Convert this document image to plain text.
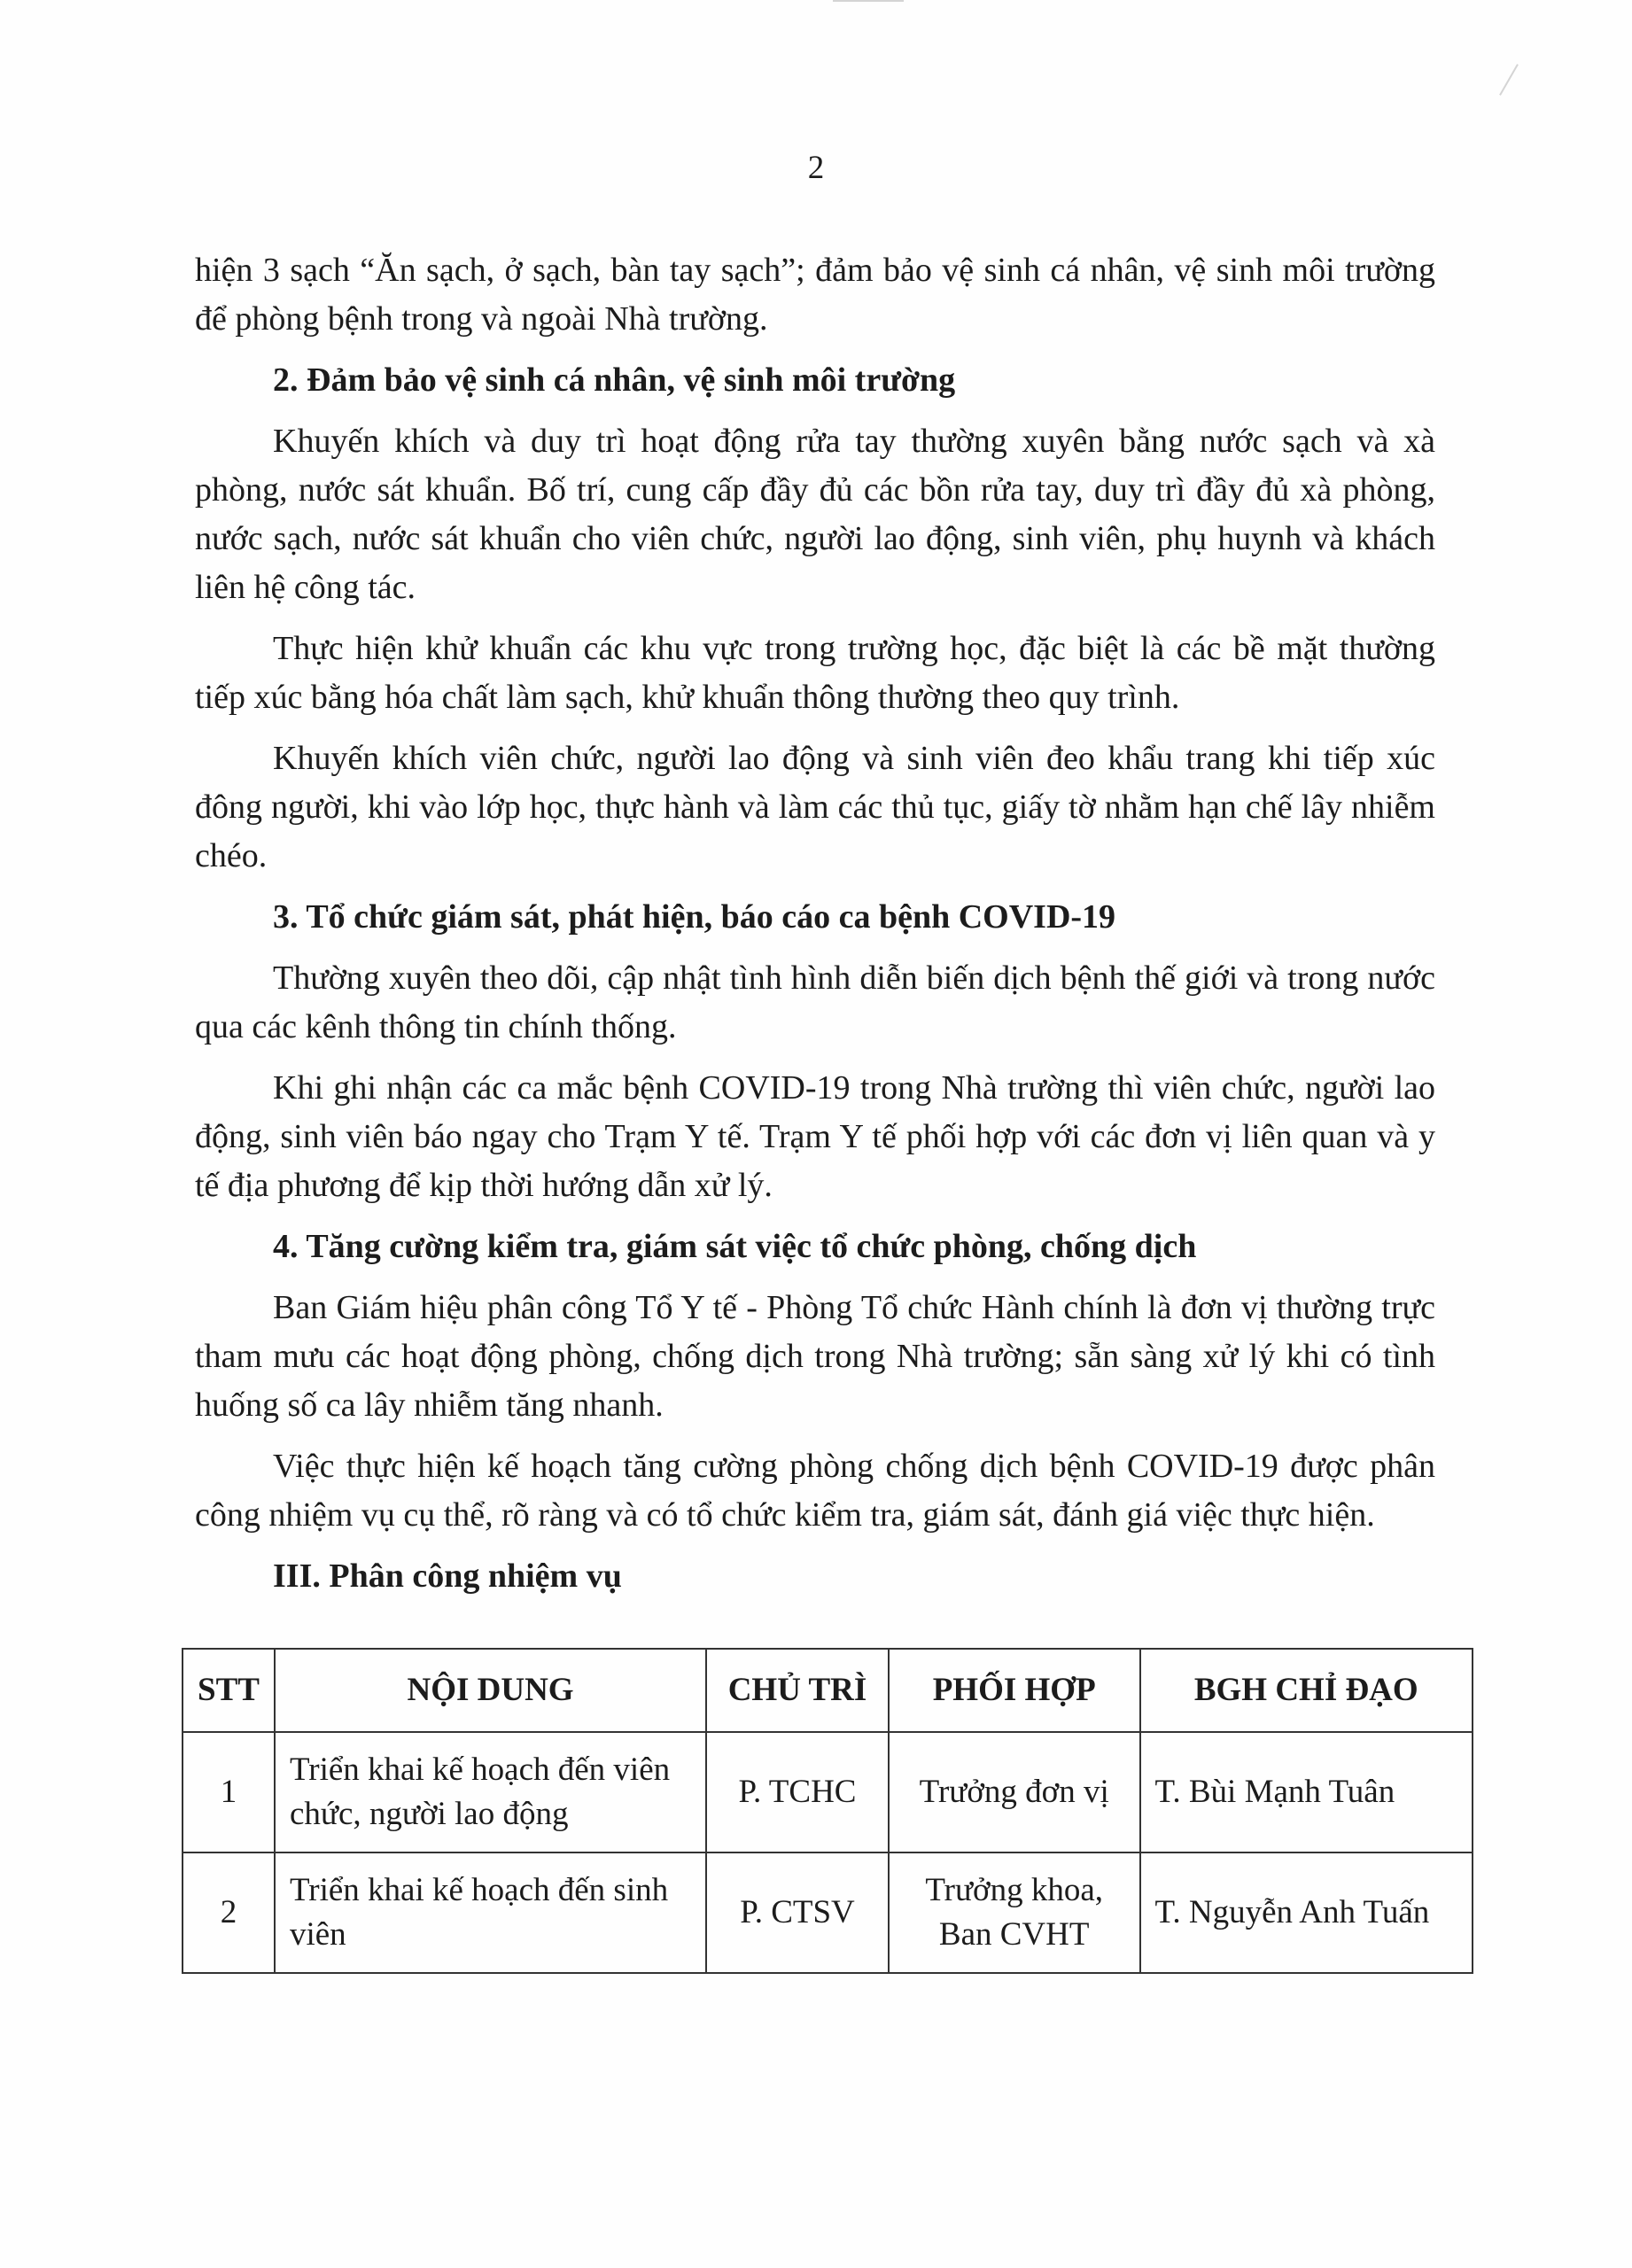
2

hiện 3 sạch “Ăn sạch, ở sạch, bàn tay sạch”; đảm bảo vệ sinh cá nhân, vệ sinh môi trường để phòng bệnh trong và ngoài Nhà trường.

2. Đảm bảo vệ sinh cá nhân, vệ sinh môi trường

Khuyến khích và duy trì hoạt động rửa tay thường xuyên bằng nước sạch và xà phòng, nước sát khuẩn. Bố trí, cung cấp đầy đủ các bồn rửa tay, duy trì đầy đủ xà phòng, nước sạch, nước sát khuẩn cho viên chức, người lao động, sinh viên, phụ huynh và khách liên hệ công tác.

Thực hiện khử khuẩn các khu vực trong trường học, đặc biệt là các bề mặt thường tiếp xúc bằng hóa chất làm sạch, khử khuẩn thông thường theo quy trình.

Khuyến khích viên chức, người lao động và sinh viên đeo khẩu trang khi tiếp xúc đông người, khi vào lớp học, thực hành và làm các thủ tục, giấy tờ nhằm hạn chế lây nhiễm chéo.

3. Tổ chức giám sát, phát hiện, báo cáo ca bệnh COVID-19

Thường xuyên theo dõi, cập nhật tình hình diễn biến dịch bệnh thế giới và trong nước qua các kênh thông tin chính thống.

Khi ghi nhận các ca mắc bệnh COVID-19 trong Nhà trường thì viên chức, người lao động, sinh viên báo ngay cho Trạm Y tế. Trạm Y tế phối hợp với các đơn vị liên quan và y tế địa phương để kịp thời hướng dẫn xử lý.

4. Tăng cường kiểm tra, giám sát việc tổ chức phòng, chống dịch

Ban Giám hiệu phân công Tổ Y tế - Phòng Tổ chức Hành chính là đơn vị thường trực tham mưu các hoạt động phòng, chống dịch trong Nhà trường; sẵn sàng xử lý khi có tình huống số ca lây nhiễm tăng nhanh.

Việc thực hiện kế hoạch tăng cường phòng chống dịch bệnh COVID-19 được phân công nhiệm vụ cụ thể, rõ ràng và có tổ chức kiểm tra, giám sát, đánh giá việc thực hiện.

III. Phân công nhiệm vụ

STT	NỘI DUNG	CHỦ TRÌ	PHỐI HỢP	BGH CHỈ ĐẠO
1	Triển khai kế hoạch đến viên chức, người lao động	P. TCHC	Trưởng đơn vị	T. Bùi Mạnh Tuân
2	Triển khai kế hoạch đến sinh viên	P. CTSV	Trưởng khoa, Ban CVHT	T. Nguyễn Anh Tuấn
